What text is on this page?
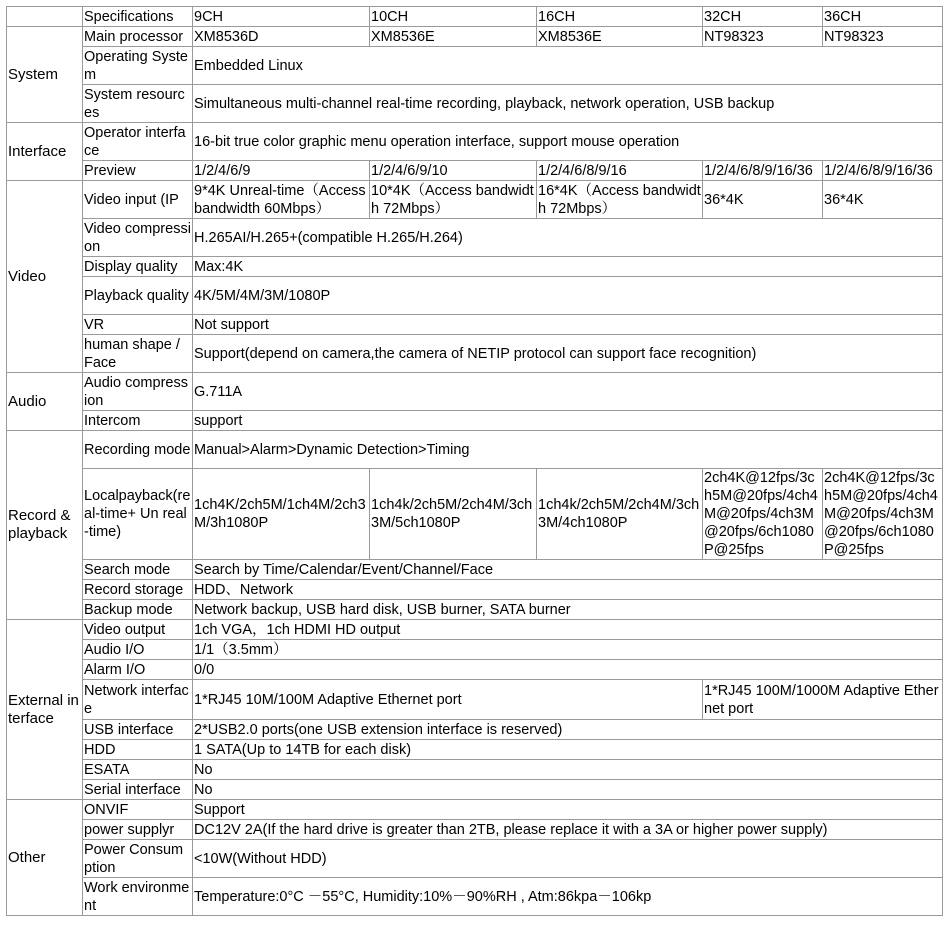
	Specifications	9CH	10CH	16CH	32CH	36CH
System	Main processor	XM8536D	XM8536E	XM8536E	NT98323	NT98323
	Operating System	Embedded Linux				
	System resources	Simultaneous multi-channel real-time recording, playback, network operation, USB backup				
Interface	Operator interface	16-bit true color graphic menu operation interface, support mouse operation				
	Preview	1/2/4/6/9	1/2/4/6/9/10	1/2/4/6/8/9/16	1/2/4/6/8/9/16/36	1/2/4/6/8/9/16/36
Video	Video input (IP	9*4K Unreal-time（Access bandwidth 60Mbps）	10*4K（Access bandwidth 72Mbps）	16*4K（Access bandwidth 72Mbps）	36*4K	36*4K
	Video compression	H.265AI/H.265+(compatible H.265/H.264)				
	Display quality	Max:4K				
	Playback quality	4K/5M/4M/3M/1080P				
	VR	Not support				
	human shape / Face	Support(depend on camera,the camera of NETIP protocol can support face recognition)				
Audio	Audio compression	G.711A				
	Intercom	support				
Record & playback	Recording mode	Manual>Alarm>Dynamic Detection>Timing				
	Localpayback(real-time+ Un real-time)	1ch4K/2ch5M/1ch4M/2ch3M/3h1080P	1ch4k/2ch5M/2ch4M/3ch3M/5ch1080P	1ch4k/2ch5M/2ch4M/3ch3M/4ch1080P	2ch4K@12fps/3ch5M@20fps/4ch4M@20fps/4ch3M@20fps/6ch1080P@25fps	2ch4K@12fps/3ch5M@20fps/4ch4M@20fps/4ch3M@20fps/6ch1080P@25fps
	Search mode	Search by Time/Calendar/Event/Channel/Face				
	Record storage	HDD、Network				
	Backup mode	Network backup, USB hard disk, USB burner, SATA burner				
External interface	Video output	1ch VGA，1ch HDMI HD output				
	Audio I/O	1/1（3.5mm）				
	Alarm I/O	0/0				
	Network interface	1*RJ45 10M/100M Adaptive Ethernet port			1*RJ45 100M/1000M Adaptive Ethernet port	
	USB interface	2*USB2.0 ports(one USB extension interface is reserved)				
	HDD	1 SATA(Up to 14TB for each disk)				
	ESATA	No				
	Serial interface	No				
Other	ONVIF	Support				
	power supplyr	DC12V 2A(If the hard drive is greater than 2TB, please replace it with a 3A or higher power supply)				
	Power Consumption	<10W(Without HDD)				
	Work environment	Temperature:0°C －55°C, Humidity:10%－90%RH , Atm:86kpa－106kp				
